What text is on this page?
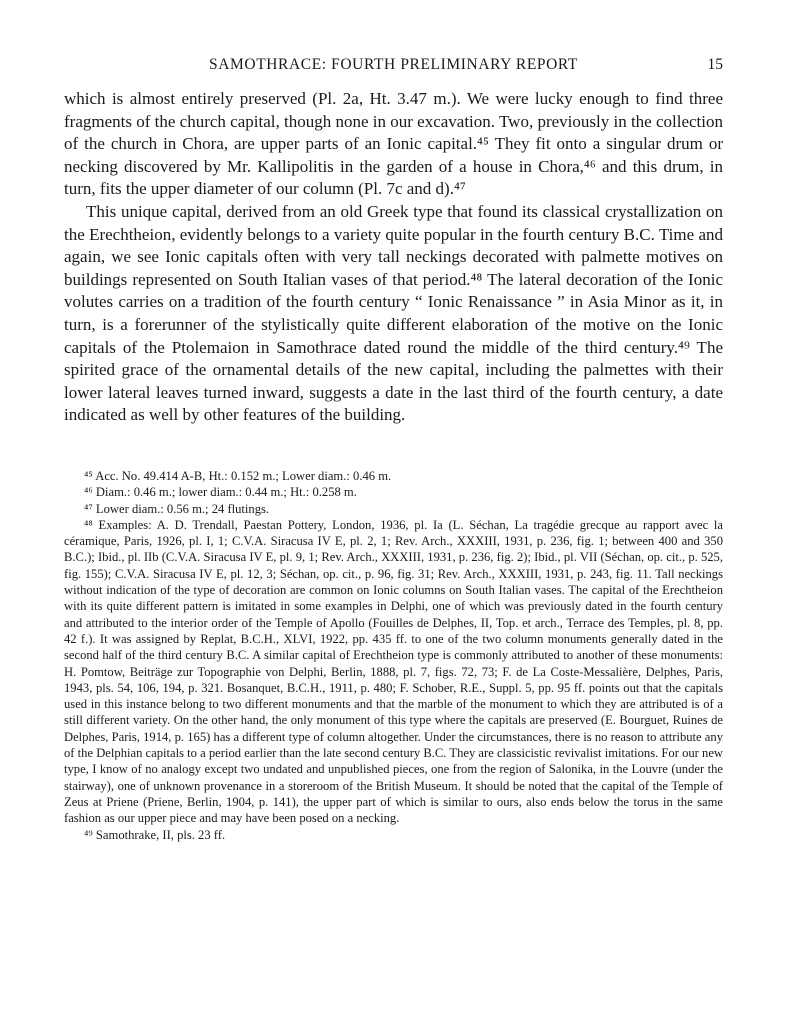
SAMOTHRACE: FOURTH PRELIMINARY REPORT	15

which is almost entirely preserved (Pl. 2a, Ht. 3.47 m.). We were lucky enough to find three fragments of the church capital, though none in our excavation. Two, previously in the collection of the church in Chora, are upper parts of an Ionic capital.⁴⁵ They fit onto a singular drum or necking discovered by Mr. Kallipolitis in the garden of a house in Chora,⁴⁶ and this drum, in turn, fits the upper diameter of our column (Pl. 7c and d).⁴⁷

This unique capital, derived from an old Greek type that found its classical crystallization on the Erechtheion, evidently belongs to a variety quite popular in the fourth century B.C. Time and again, we see Ionic capitals often with very tall neckings decorated with palmette motives on buildings represented on South Italian vases of that period.⁴⁸ The lateral decoration of the Ionic volutes carries on a tradition of the fourth century “ Ionic Renaissance ” in Asia Minor as it, in turn, is a forerunner of the stylistically quite different elaboration of the motive on the Ionic capitals of the Ptolemaion in Samothrace dated round the middle of the third century.⁴⁹ The spirited grace of the ornamental details of the new capital, including the palmettes with their lower lateral leaves turned inward, suggests a date in the last third of the fourth century, a date indicated as well by other features of the building.

⁴⁵ Acc. No. 49.414 A-B, Ht.: 0.152 m.; Lower diam.: 0.46 m.

⁴⁶ Diam.: 0.46 m.; lower diam.: 0.44 m.; Ht.: 0.258 m.

⁴⁷ Lower diam.: 0.56 m.; 24 flutings.

⁴⁸ Examples: A. D. Trendall, Paestan Pottery, London, 1936, pl. Ia (L. Séchan, La tragédie grecque au rapport avec la céramique, Paris, 1926, pl. I, 1; C.V.A. Siracusa IV E, pl. 2, 1; Rev. Arch., XXXIII, 1931, p. 236, fig. 1; between 400 and 350 B.C.); Ibid., pl. IIb (C.V.A. Siracusa IV E, pl. 9, 1; Rev. Arch., XXXIII, 1931, p. 236, fig. 2); Ibid., pl. VII (Séchan, op. cit., p. 525, fig. 155); C.V.A. Siracusa IV E, pl. 12, 3; Séchan, op. cit., p. 96, fig. 31; Rev. Arch., XXXIII, 1931, p. 243, fig. 11. Tall neckings without indication of the type of decoration are common on Ionic columns on South Italian vases. The capital of the Erechtheion with its quite different pattern is imitated in some examples in Delphi, one of which was previously dated in the fourth century and attributed to the interior order of the Temple of Apollo (Fouilles de Delphes, II, Top. et arch., Terrace des Temples, pl. 8, pp. 42 f.). It was assigned by Replat, B.C.H., XLVI, 1922, pp. 435 ff. to one of the two column monuments generally dated in the second half of the third century B.C. A similar capital of Erechtheion type is commonly attributed to another of these monuments: H. Pomtow, Beiträge zur Topographie von Delphi, Berlin, 1888, pl. 7, figs. 72, 73; F. de La Coste-Messalière, Delphes, Paris, 1943, pls. 54, 106, 194, p. 321. Bosanquet, B.C.H., 1911, p. 480; F. Schober, R.E., Suppl. 5, pp. 95 ff. points out that the capitals used in this instance belong to two different monuments and that the marble of the monument to which they are attributed is of a still different variety. On the other hand, the only monument of this type where the capitals are preserved (E. Bourguet, Ruines de Delphes, Paris, 1914, p. 165) has a different type of column altogether. Under the circumstances, there is no reason to attribute any of the Delphian capitals to a period earlier than the late second century B.C. They are classicistic revivalist imitations. For our new type, I know of no analogy except two undated and unpublished pieces, one from the region of Salonika, in the Louvre (under the stairway), one of unknown provenance in a storeroom of the British Museum. It should be noted that the capital of the Temple of Zeus at Priene (Priene, Berlin, 1904, p. 141), the upper part of which is similar to ours, also ends below the torus in the same fashion as our upper piece and may have been posed on a necking.

⁴⁹ Samothrake, II, pls. 23 ff.
